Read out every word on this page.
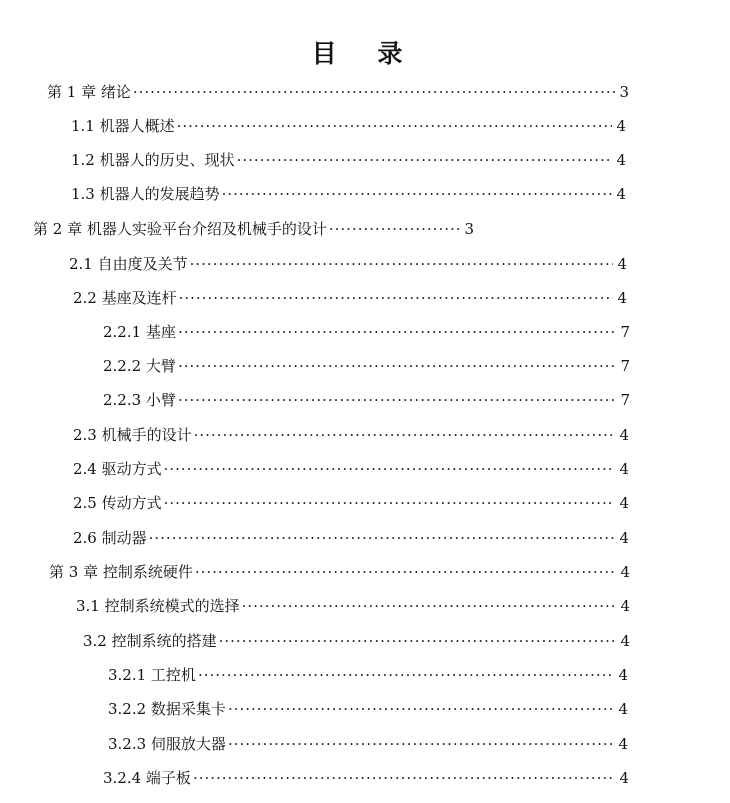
目 录
第 1 章 绪论 ·····	3
1.1 机器人概述 ·····	4
1.2 机器人的历史、现状 ·····	4
1.3 机器人的发展趋势 ·····	4
第 2 章 机器人实验平台介绍及机械手的设计 ·····	3
2.1 自由度及关节 ·····	4
2.2 基座及连杆 ·····	4
2.2.1 基座 ·····	7
2.2.2 大臂 ·····	7
2.2.3 小臂 ·····	7
2.3 机械手的设计 ·····	4
2.4 驱动方式 ·····	4
2.5 传动方式 ·····	4
2.6 制动器 ·····	4
第 3 章 控制系统硬件 ·····	4
3.1 控制系统模式的选择 ·····	4
3.2 控制系统的搭建 ·····	4
3.2.1 工控机 ·····	4
3.2.2 数据采集卡 ·····	4
3.2.3 伺服放大器 ·····	4
3.2.4 端子板 ·····	4
